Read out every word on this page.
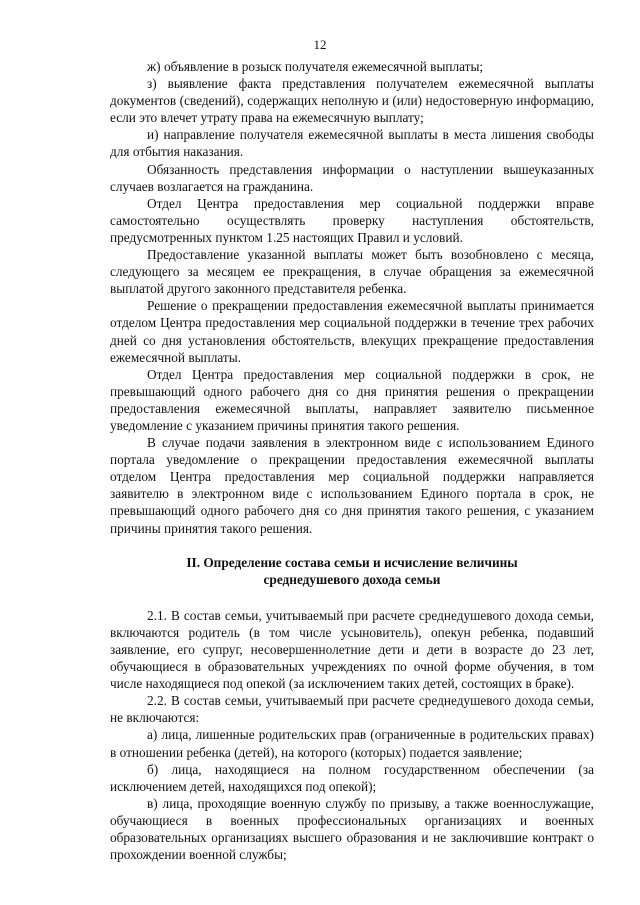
12

ж) объявление в розыск получателя ежемесячной выплаты;

з) выявление факта представления получателем ежемесячной выплаты документов (сведений), содержащих неполную и (или) недостоверную информацию, если это влечет утрату права на ежемесячную выплату;

и) направление получателя ежемесячной выплаты в места лишения свободы для отбытия наказания.

Обязанность представления информации о наступлении вышеуказанных случаев возлагается на гражданина.

Отдел Центра предоставления мер социальной поддержки вправе самостоятельно осуществлять проверку наступления обстоятельств, предусмотренных пунктом 1.25 настоящих Правил и условий.

Предоставление указанной выплаты может быть возобновлено с месяца, следующего за месяцем ее прекращения, в случае обращения за ежемесячной выплатой другого законного представителя ребенка.

Решение о прекращении предоставления ежемесячной выплаты принимается отделом Центра предоставления мер социальной поддержки в течение трех рабочих дней со дня установления обстоятельств, влекущих прекращение предоставления ежемесячной выплаты.

Отдел Центра предоставления мер социальной поддержки в срок, не превышающий одного рабочего дня со дня принятия решения о прекращении предоставления ежемесячной выплаты, направляет заявителю письменное уведомление с указанием причины принятия такого решения.

В случае подачи заявления в электронном виде с использованием Единого портала уведомление о прекращении предоставления ежемесячной выплаты отделом Центра предоставления мер социальной поддержки направляется заявителю в электронном виде с использованием Единого портала в срок, не превышающий одного рабочего дня со дня принятия такого решения, с указанием причины принятия такого решения.

II. Определение состава семьи и исчисление величины
среднедушевого дохода семьи

2.1. В состав семьи, учитываемый при расчете среднедушевого дохода семьи, включаются родитель (в том числе усыновитель), опекун ребенка, подавший заявление, его супруг, несовершеннолетние дети и дети в возрасте до 23 лет, обучающиеся в образовательных учреждениях по очной форме обучения, в том числе находящиеся под опекой (за исключением таких детей, состоящих в браке).

2.2. В состав семьи, учитываемый при расчете среднедушевого дохода семьи, не включаются:

а) лица, лишенные родительских прав (ограниченные в родительских правах) в отношении ребенка (детей), на которого (которых) подается заявление;

б) лица, находящиеся на полном государственном обеспечении (за исключением детей, находящихся под опекой);

в) лица, проходящие военную службу по призыву, а также военнослужащие, обучающиеся в военных профессиональных организациях и военных образовательных организациях высшего образования и не заключившие контракт о прохождении военной службы;
